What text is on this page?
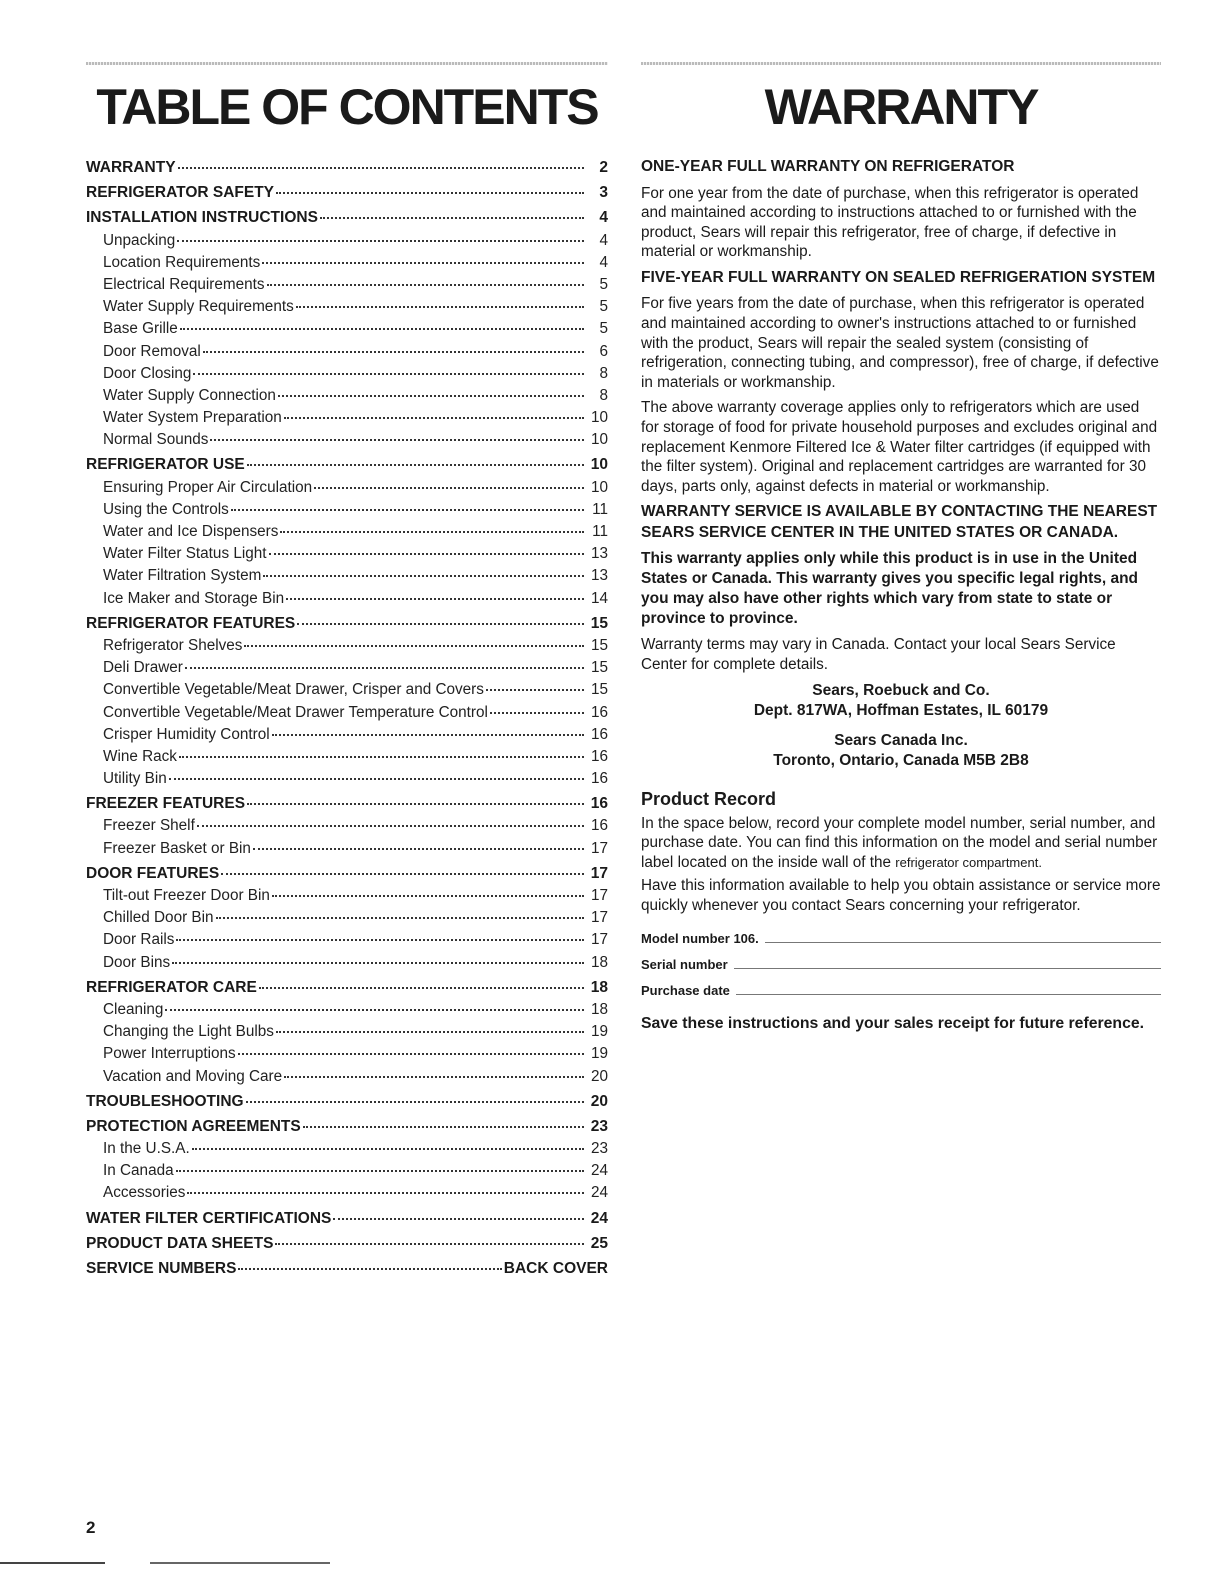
TABLE OF CONTENTS
WARRANTY	2
REFRIGERATOR SAFETY	3
INSTALLATION INSTRUCTIONS	4
Unpacking	4
Location Requirements	4
Electrical Requirements	5
Water Supply Requirements	5
Base Grille	5
Door Removal	6
Door Closing	8
Water Supply Connection	8
Water System Preparation	10
Normal Sounds	10
REFRIGERATOR USE	10
Ensuring Proper Air Circulation	10
Using the Controls	11
Water and Ice Dispensers	11
Water Filter Status Light	13
Water Filtration System	13
Ice Maker and Storage Bin	14
REFRIGERATOR FEATURES	15
Refrigerator Shelves	15
Deli Drawer	15
Convertible Vegetable/Meat Drawer, Crisper and Covers	15
Convertible Vegetable/Meat Drawer Temperature Control	16
Crisper Humidity Control	16
Wine Rack	16
Utility Bin	16
FREEZER FEATURES	16
Freezer Shelf	16
Freezer Basket or Bin	17
DOOR FEATURES	17
Tilt-out Freezer Door Bin	17
Chilled Door Bin	17
Door Rails	17
Door Bins	18
REFRIGERATOR CARE	18
Cleaning	18
Changing the Light Bulbs	19
Power Interruptions	19
Vacation and Moving Care	20
TROUBLESHOOTING	20
PROTECTION AGREEMENTS	23
In the U.S.A.	23
In Canada	24
Accessories	24
WATER FILTER CERTIFICATIONS	24
PRODUCT DATA SHEETS	25
SERVICE NUMBERS	BACK COVER
WARRANTY

ONE-YEAR FULL WARRANTY ON REFRIGERATOR

For one year from the date of purchase, when this refrigerator is operated and maintained according to instructions attached to or furnished with the product, Sears will repair this refrigerator, free of charge, if defective in material or workmanship.

FIVE-YEAR FULL WARRANTY ON SEALED REFRIGERATION SYSTEM

For five years from the date of purchase, when this refrigerator is operated and maintained according to owner's instructions attached to or furnished with the product, Sears will repair the sealed system (consisting of refrigeration, connecting tubing, and compressor), free of charge, if defective in materials or workmanship.

The above warranty coverage applies only to refrigerators which are used for storage of food for private household purposes and excludes original and replacement Kenmore Filtered Ice & Water filter cartridges (if equipped with the filter system). Original and replacement cartridges are warranted for 30 days, parts only, against defects in material or workmanship.

WARRANTY SERVICE IS AVAILABLE BY CONTACTING THE NEAREST SEARS SERVICE CENTER IN THE UNITED STATES OR CANADA.

This warranty applies only while this product is in use in the United States or Canada. This warranty gives you specific legal rights, and you may also have other rights which vary from state to state or province to province.

Warranty terms may vary in Canada. Contact your local Sears Service Center for complete details.

Sears, Roebuck and Co.

Dept. 817WA, Hoffman Estates, IL 60179

Sears Canada Inc.

Toronto, Ontario, Canada M5B 2B8

Product Record

In the space below, record your complete model number, serial number, and purchase date. You can find this information on the model and serial number label located on the inside wall of the refrigerator compartment.

Have this information available to help you obtain assistance or service more quickly whenever you contact Sears concerning your refrigerator.

Model number 106.
Serial number
Purchase date
Save these instructions and your sales receipt for future reference.
2
